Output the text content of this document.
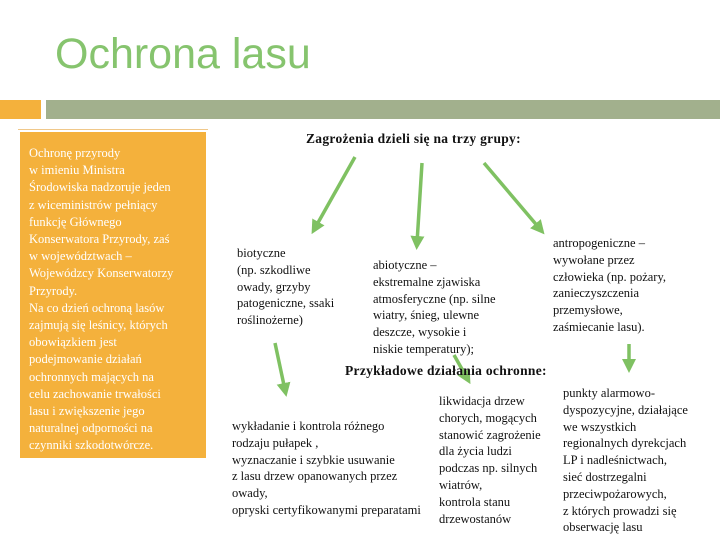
Ochrona lasu
Ochronę przyrody
w imieniu Ministra
Środowiska nadzoruje jeden
z wiceministrów pełniący
funkcję Głównego
Konserwatora Przyrody, zaś
w województwach –
Wojewódzcy Konserwatorzy
Przyrody.
Na co dzień ochroną lasów
zajmują się leśnicy, których
obowiązkiem jest
podejmowanie działań
ochronnych mających na
celu zachowanie trwałości
lasu i zwiększenie jego
naturalnej odporności na
czynniki szkodotwórcze.
Zagrożenia dzieli się na trzy grupy:
biotyczne
(np. szkodliwe
owady, grzyby
patogeniczne, ssaki
roślinożerne)
abiotyczne –
ekstremalne zjawiska
atmosferyczne (np. silne
wiatry, śnieg, ulewne
deszcze, wysokie i
niskie temperatury);
antropogeniczne –
wywołane przez
człowieka (np. pożary,
zanieczyszczenia
przemysłowe,
zaśmiecanie lasu).
Przykładowe działania ochronne:
wykładanie i kontrola różnego
rodzaju pułapek ,
wyznaczanie i szybkie usuwanie
z lasu drzew opanowanych przez
owady,
opryski certyfikowanymi preparatami
likwidacja drzew
chorych, mogących
stanowić zagrożenie
dla życia ludzi
podczas np. silnych
wiatrów,
kontrola stanu
drzewostanów
punkty alarmowo-
dyspozycyjne, działające
we wszystkich
regionalnych dyrekcjach
LP i nadleśnictwach,
sieć dostrzegalni
przeciwpożarowych,
z których prowadzi się
obserwację lasu
